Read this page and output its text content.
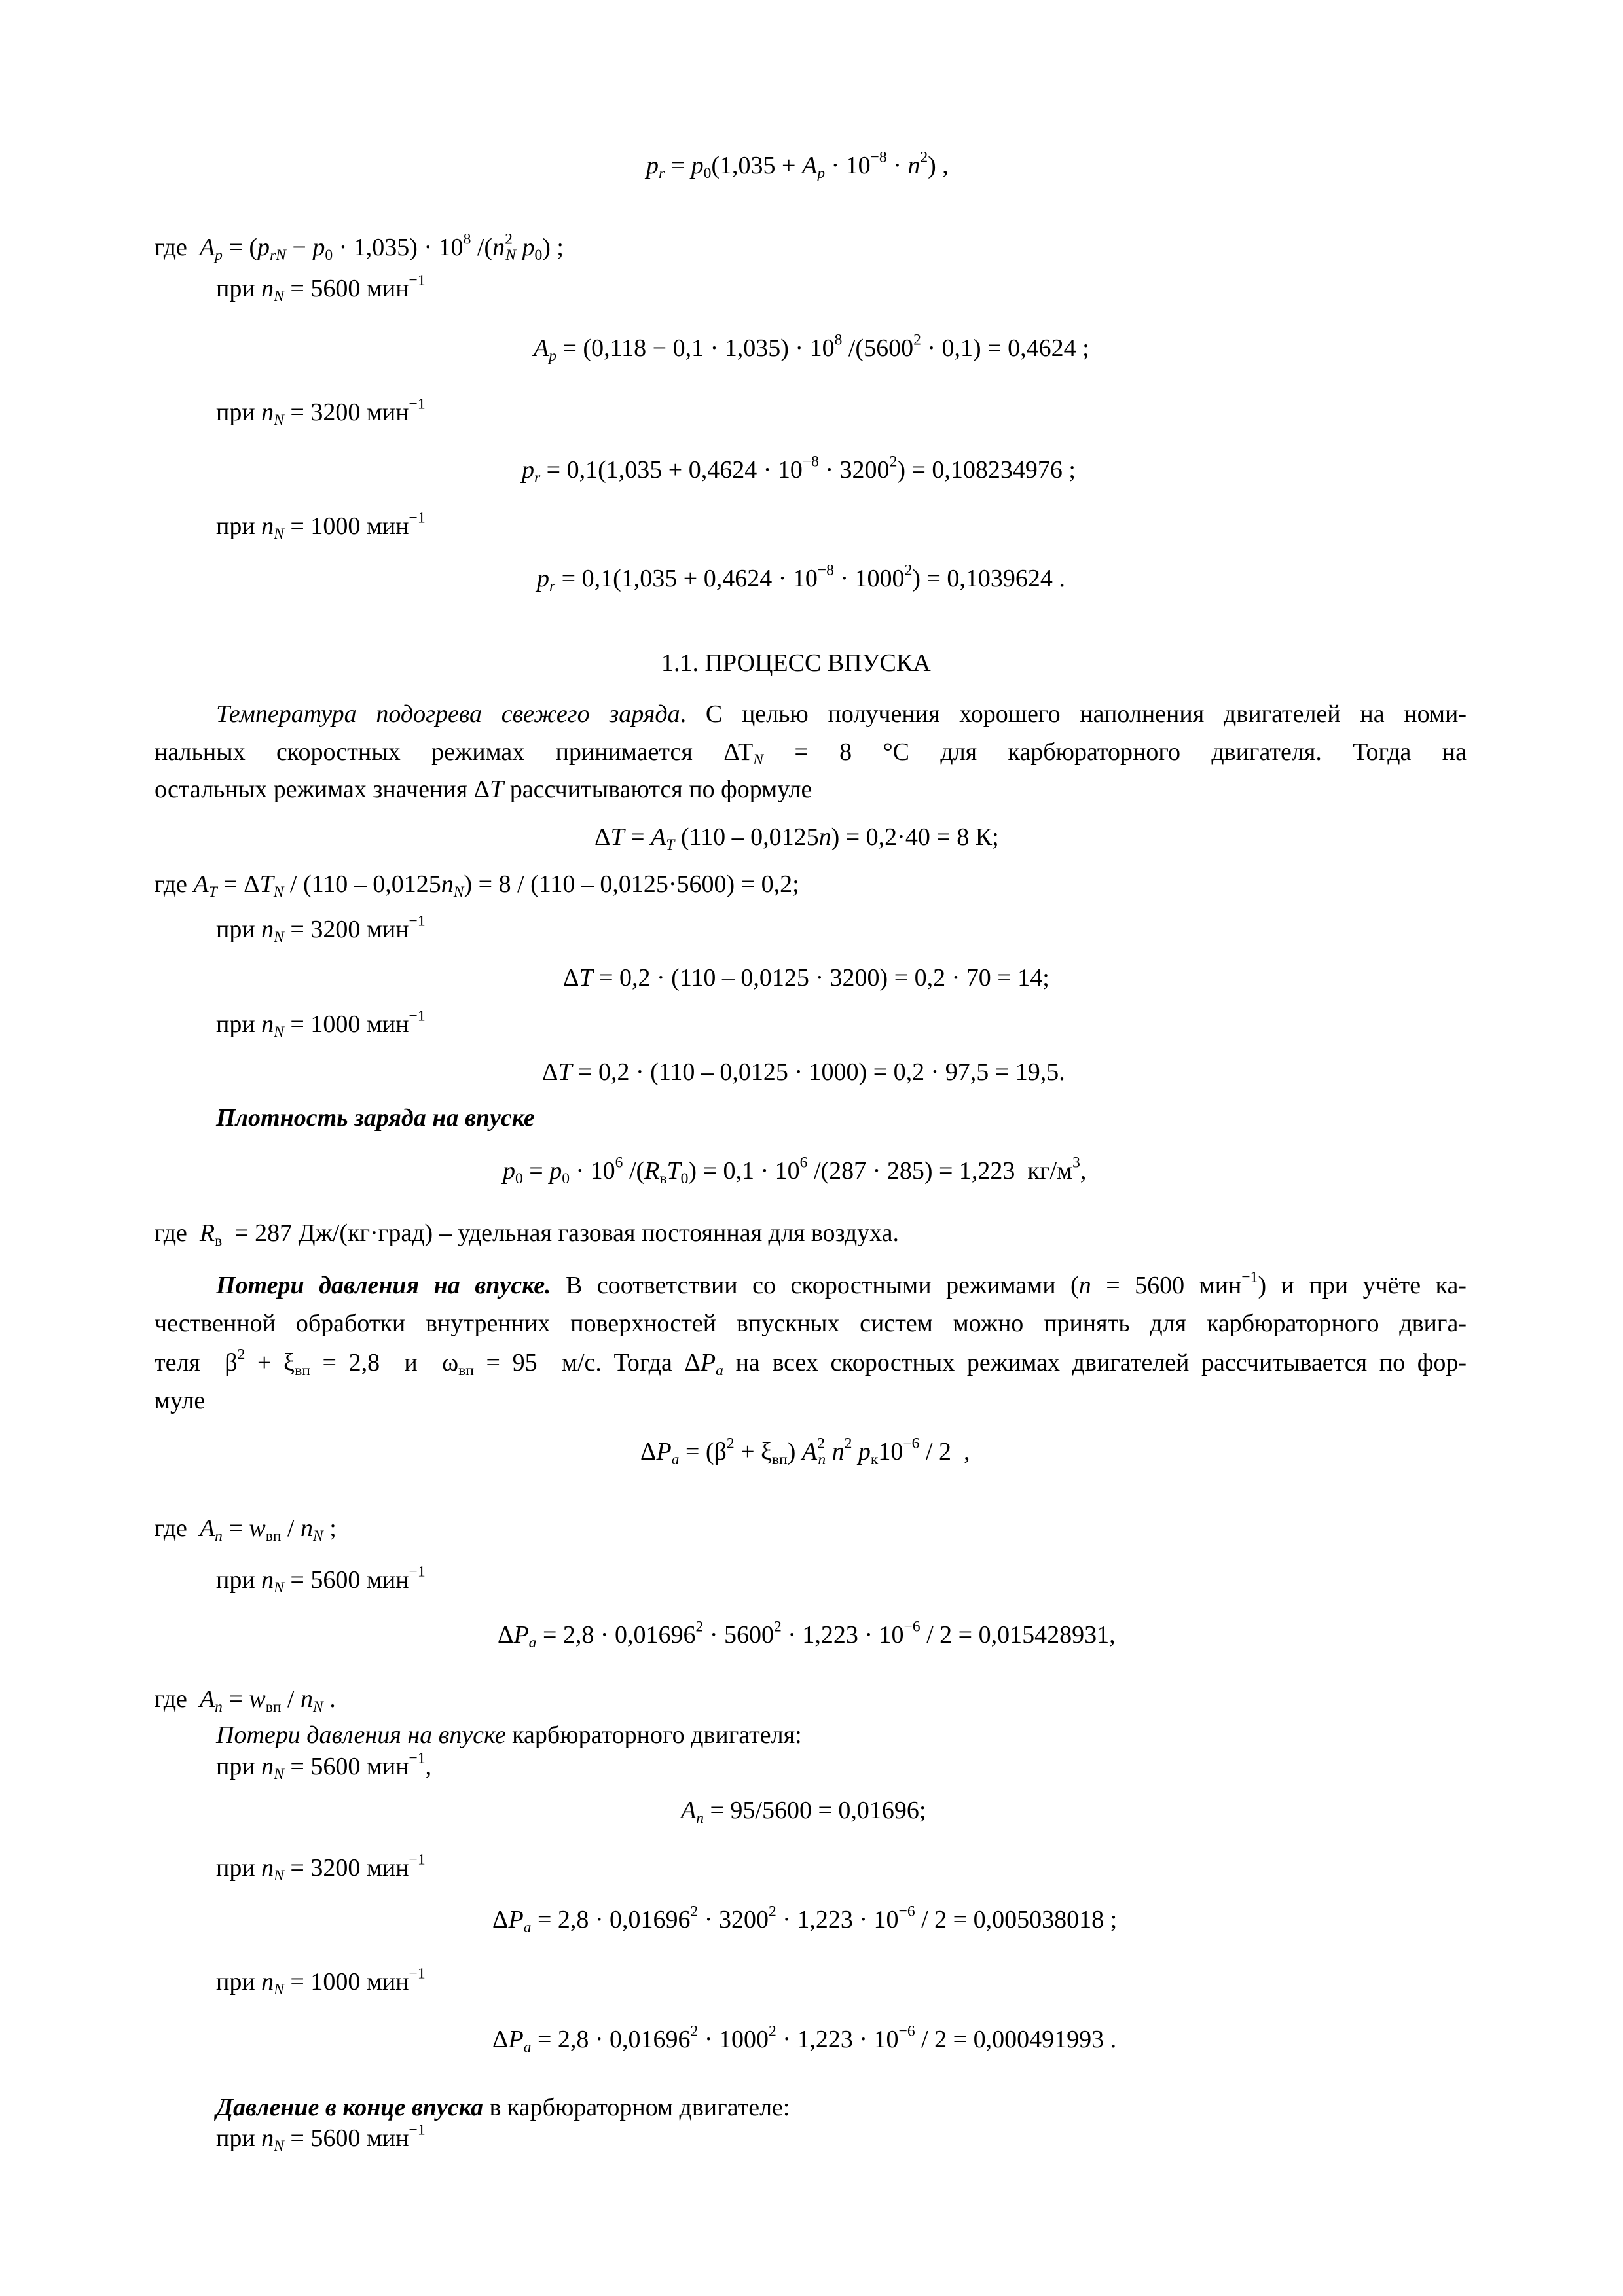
$p_r = p_0(1,035 + A_p \cdot 10^{-8} \cdot n^2)$ ,
где  $A_p = (p_{rN} - p_0 \cdot 1,035) \cdot 10^8$ $/(n^2_N$ $p_0$) ;
при $n_N = 5600$ мин$^{-1}$
$A_p = (0,118 - 0,1 \cdot 1,035) \cdot 10^8$ $/(5600^2 \cdot 0,1) = 0,4624$ ;
при $n_N = 3200$ мин$^{-1}$
$p_r = 0,1(1,035 + 0,4624 \cdot 10^{-8} \cdot 3200^2) = 0,108234976$ ;
при $n_N = 1000$ мин$^{-1}$
$p_r = 0,1(1,035 + 0,4624 \cdot 10^{-8} \cdot 1000^2) = 0,1039624$ .
1.1. ПРОЦЕСС ВПУСКА
Температура подогрева свежего заряда. С целью получения хорошего наполнения двигателей на номи-
нальных скоростных режимах принимается $\Delta T_N = 8$ °С для карбюраторного двигателя. Тогда на
остальных режимах значения ΔT рассчитываются по формуле
$\Delta T = A_T$ (110 – 0,0125n) = 0,2·40 = 8 К;
где $A_T = \Delta T_N / (110 - 0,0125n_N) = 8 / (110 - 0,0125\cdot 5600) = 0,2$;
при $n_N = 3200$ мин$^{-1}$
ΔT = 0,2 · (110 – 0,0125 · 3200) = 0,2 · 70 = 14;
при $n_N = 1000$ мин$^{-1}$
ΔT = 0,2 · (110 – 0,0125 · 1000) = 0,2 · 97,5 = 19,5.
Плотность заряда на впуске
$p_0 = p_0 \cdot 10^6$ $/(R_вT_0) = 0,1 \cdot 10^6$ /(287 · 285) = 1,223  $кг/м^3$,
где  $R_в = 287$ Дж/(кг·град) – удельная газовая постоянная для воздуха.
Потери давления на впуске. В соответствии со скоростными режимами (n = 5600 мин$^{-1}$) и при учёте ка-
чественной обработки внутренних поверхностей впускных систем можно принять для карбюраторного двига-
теля  $\beta^2 + \xi_{вп} = 2,8$  и  $\omega_{вп} = 95$  м/с. Тогда $\Delta P_a$ на всех скоростных режимах двигателей рассчитывается по фор-
муле
$\Delta P_a = (\beta^2 + \xi_{вп})$ $A^2_n$ $n^2$ $p_к10^{-6} / 2$  ,
где  $A_n = w_{вп} / n_N$ ;
при $n_N = 5600$ мин$^{-1}$
$\Delta P_a = 2,8 \cdot 0,01696^2 \cdot 5600^2 \cdot 1,223 \cdot 10^{-6} / 2 = 0,015428931$,
где  $A_n = w_{вп} / n_N$ .
Потери давления на впуске карбюраторного двигателя:
при $n_N = 5600$ мин$^{-1}$,
$A_n = 95/5600 = 0,01696$;
при $n_N = 3200$ мин$^{-1}$
$\Delta P_a = 2,8 \cdot 0,01696^2 \cdot 3200^2 \cdot 1,223 \cdot 10^{-6} / 2 = 0,005038018$ ;
при $n_N = 1000$ мин$^{-1}$
$\Delta P_a = 2,8 \cdot 0,01696^2 \cdot 1000^2 \cdot 1,223 \cdot 10^{-6} / 2 = 0,000491993$ .
Давление в конце впуска в карбюраторном двигателе:
при $n_N = 5600$ мин$^{-1}$
